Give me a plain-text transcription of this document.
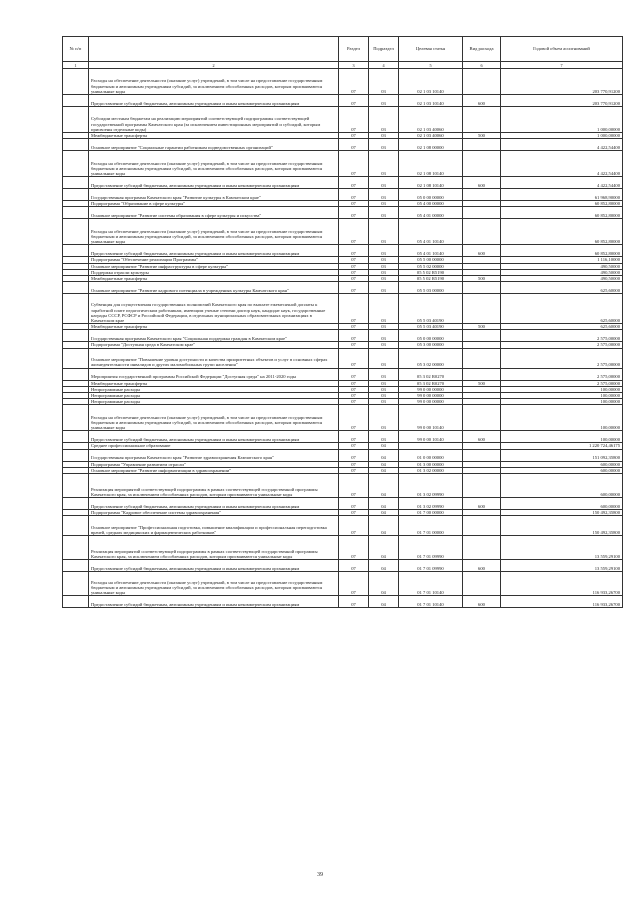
№ п/п		Раздел	Подраздел	Целевая статья	Вид расхода	Годовой объем ассигнований
1	2	3	4	5	6	7
	Расходы на обеспечение деятельности (оказание услуг) учреждений, в том числе на предоставление государственным бюджетным и автономным учреждениям субсидий, за исключением обособленных расходов, которым присваиваются уникальные коды	07	03	02 1 03 10140		203 770,91200
	Предоставление субсидий бюджетным, автономным учреждениям и иным некоммерческим организациям	07	03	02 1 03 10140	600	203 770,91200
	Субсидии местным бюджетам на реализацию мероприятий соответствующей подпрограммы соответствующей государственной программы Камчатского края (за исключением инвестиционных мероприятий и субсидий, которым присвоены отдельные коды)	07	03	02 1 03 40060		1 000,00000
	Межбюджетные трансферты	07	03	02 1 03 40060	500	1 000,00000
	Основное мероприятие "Социальные гарантии работникам подведомственных организаций"	07	03	02 1 08 00000		4 422,54400
	Расходы на обеспечение деятельности (оказание услуг) учреждений, в том числе на предоставление государственным бюджетным и автономным учреждениям субсидий, за исключением обособленных расходов, которым присваиваются уникальные коды	07	03	02 1 08 10140		4 422,54400
	Предоставление субсидий бюджетным, автономным учреждениям и иным некоммерческим организациям	07	03	02 1 08 10140	600	4 422,54400
	Государственная программа Камчатского края "Развитие культуры в Камчатском крае"	07	03	05 0 00 00000		61 968,90000
	Подпрограмма "Образование в сфере культуры"	07	03	05 4 00 00000		60 852,80000
	Основное мероприятие "Развитие системы образования в сфере культуры и искусства"	07	03	05 4 01 00000		60 852,80000
	Расходы на обеспечение деятельности (оказание услуг) учреждений, в том числе на предоставление государственным бюджетным и автономным учреждениям субсидий, за исключением обособленных расходов, которым присваиваются уникальные коды	07	03	05 4 01 10140		60 852,80000
	Предоставление субсидий бюджетным, автономным учреждениям и иным некоммерческим организациям	07	03	05 4 01 10140	600	60 852,80000
	Подпрограмма "Обеспечение реализации Программы"	07	03	05 5 00 00000		1 116,10000
	Основное мероприятие "Развитие инфраструктуры в сфере культуры"	07	03	05 5 02 00000		490,50000
	Поддержка отрасли культуры	07	03	05 5 02 R5190		490,50000
	Межбюджетные трансферты	07	03	05 5 02 R5190	500	490,50000
	Основное мероприятие "Развитие кадрового потенциала в учреждениях культуры Камчатского края"	07	03	05 5 03 00000		625,60000
	Субвенция для осуществления государственных полномочий Камчатского края по выплате ежемесячной доплаты к заработной плате педагогическим работникам, имеющим ученые степени доктор наук, кандидат наук, государственные награды СССР, РСФСР и Российской Федерации, в отдельных муниципальных образовательных организациях в Камчатском крае	07	03	05 5 03 40190		625,60000
	Межбюджетные трансферты	07	03	05 5 03 40190	500	625,60000
	Государственная программа Камчатского края "Социальная поддержка граждан в Камчатском крае"	07	03	05 0 00 00000		2 575,00000
	Подпрограмма "Доступная среда в Камчатском крае"	07	03	05 3 00 00000		2 575,00000
	Основное мероприятие "Повышение уровня доступности и качества приоритетных объектов и услуг в основных сферах жизнедеятельности инвалидов и других маломобильных групп населения"	07	03	05 3 02 00000		2 575,00000
	Мероприятия государственной программы Российской Федерации "Доступная среда" на 2011-2020 годы	07	03	05 3 02 R0270		2 575,00000
	Межбюджетные трансферты	07	03	05 3 02 R0270	500	2 575,00000
	Непрограммные расходы	07	03	99 0 00 00000		100,00000
	Непрограммные расходы	07	03	99 0 00 00000		100,00000
	Непрограммные расходы	07	03	99 0 00 00000		100,00000
	Расходы на обеспечение деятельности (оказание услуг) учреждений, в том числе на предоставление государственным бюджетным и автономным учреждениям субсидий, за исключением обособленных расходов, которым присваиваются уникальные коды	07	03	99 0 00 10140		100,00000
	Предоставление субсидий бюджетным, автономным учреждениям и иным некоммерческим организациям	07	03	99 0 00 10140	600	100,00000
	Среднее профессиональное образование	07	04			1 220 724,46175
	Государственная программа Камчатского края "Развитие здравоохранения Камчатского края"	07	04	01 0 00 00000		151 092,35800
	Подпрограмма "Управление развитием отрасли"	07	04	01 3 00 00000		600,00000
	Основное мероприятие "Развитие информатизации в здравоохранении"	07	04	01 3 02 00000		600,00000
	Реализация мероприятий соответствующей подпрограммы в рамках соответствующей государственной программы Камчатского края, за исключением обособленных расходов, которым присваиваются уникальные коды	07	04	01 3 02 09990		600,00000
	Предоставление субсидий бюджетным, автономным учреждениям и иным некоммерческим организациям	07	04	01 3 02 09990	600	600,00000
	Подпрограмма "Кадровое обеспечение системы здравоохранения"	07	04	01 7 00 00000		150 492,35800
	Основное мероприятие "Профессиональная подготовка, повышение квалификации и профессиональная переподготовка врачей, средних медицинских и фармацевтических работников"	07	04	01 7 01 00000		150 492,35800
	Реализация мероприятий соответствующей подпрограммы в рамках соответствующей государственной программы Камчатского края, за исключением обособленных расходов, которым присваиваются уникальные коды	07	04	01 7 01 09990		13 559,29100
	Предоставление субсидий бюджетным, автономным учреждениям и иным некоммерческим организациям	07	04	01 7 01 09990	600	13 559,29100
	Расходы на обеспечение деятельности (оказание услуг) учреждений, в том числе на предоставление государственным бюджетным и автономным учреждениям субсидий, за исключением обособленных расходов, которым присваиваются уникальные коды	07	04	01 7 01 10140		116 933,26700
	Предоставление субсидий бюджетным, автономным учреждениям и иным некоммерческим организациям	07	04	01 7 01 10140	600	116 933,26700
39
